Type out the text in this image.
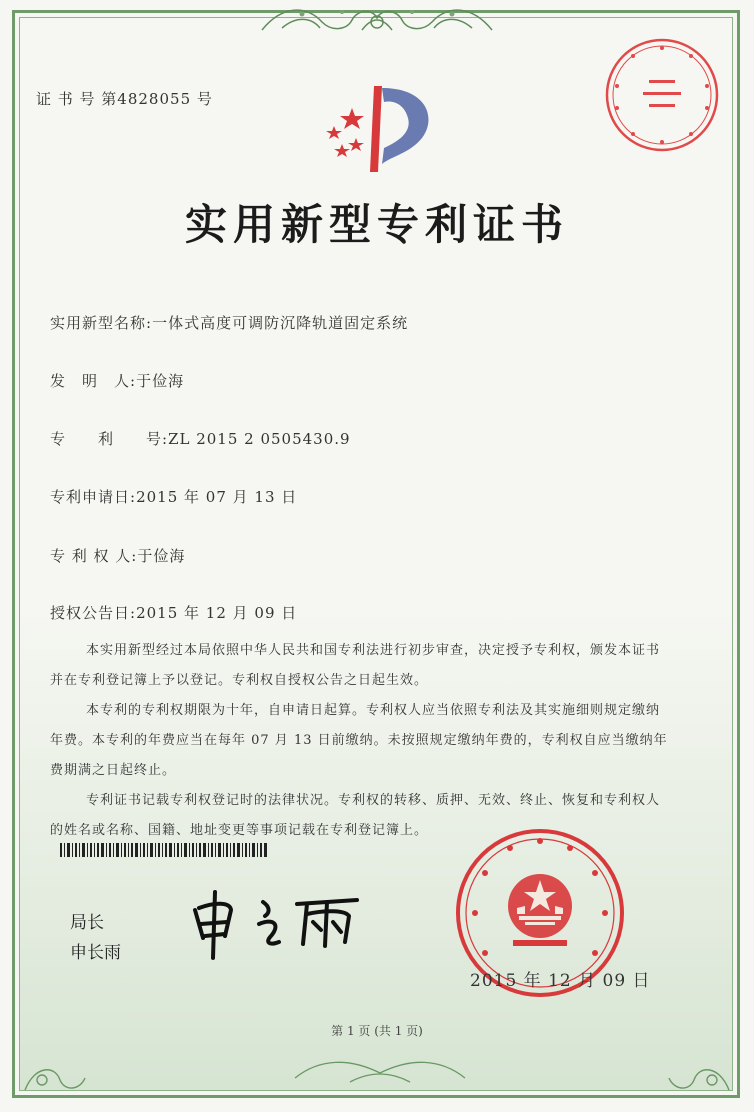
证 书 号 第4828055 号
实用新型专利证书
实用新型名称:一体式高度可调防沉降轨道固定系统
发　明　人:于俭海
专　　利　　号:ZL 2015 2 0505430.9
专利申请日:2015 年 07 月 13 日
专 利 权 人:于俭海
授权公告日:2015 年 12 月 09 日

本实用新型经过本局依照中华人民共和国专利法进行初步审查，决定授予专利权，颁发本证书并在专利登记簿上予以登记。专利权自授权公告之日起生效。

本专利的专利权期限为十年，自申请日起算。专利权人应当依照专利法及其实施细则规定缴纳年费。本专利的年费应当在每年 07 月 13 日前缴纳。未按照规定缴纳年费的，专利权自应当缴纳年费期满之日起终止。

专利证书记载专利权登记时的法律状况。专利权的转移、质押、无效、终止、恢复和专利权人的姓名或名称、国籍、地址变更等事项记载在专利登记簿上。

局长
申长雨
2015 年 12 月 09 日
第 1 页 (共 1 页)
